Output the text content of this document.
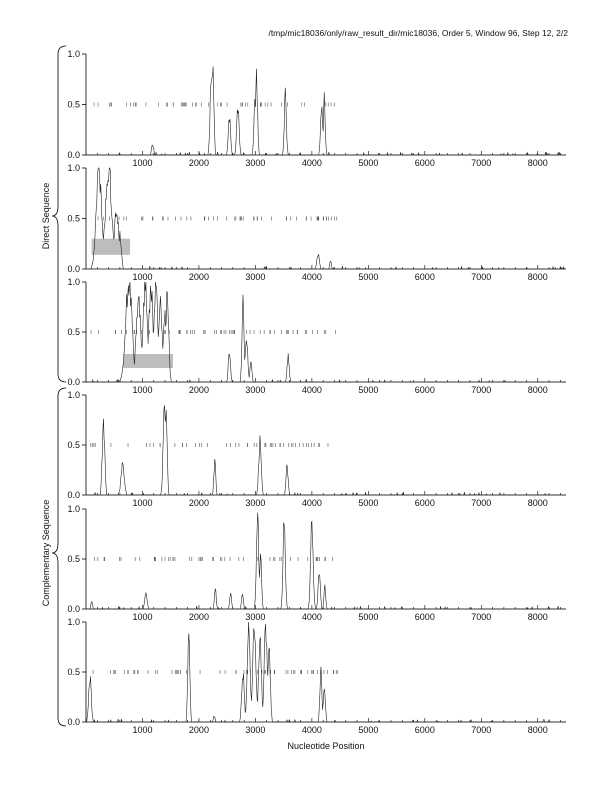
/tmp/mic18036/only/raw_result_dir/mic18036, Order 5, Window 96, Step 12, 2/2
Direct Sequence
Complementary Sequence
0.0
0.5
1.0
1000	2000	3000	4000	5000	6000	7000	8000
0.0
0.5
1.0
1000	2000	3000	4000	5000	6000	7000	8000
0.0
0.5
1.0
1000	2000	3000	4000	5000	6000	7000	8000
0.0
0.5
1.0
1000	2000	3000	4000	5000	6000	7000	8000
0.0
0.5
1.0
1000	2000	3000	4000	5000	6000	7000	8000
0.0
0.5
1.0
1000	2000	3000	4000	5000	6000	7000	8000
Nucleotide Position
